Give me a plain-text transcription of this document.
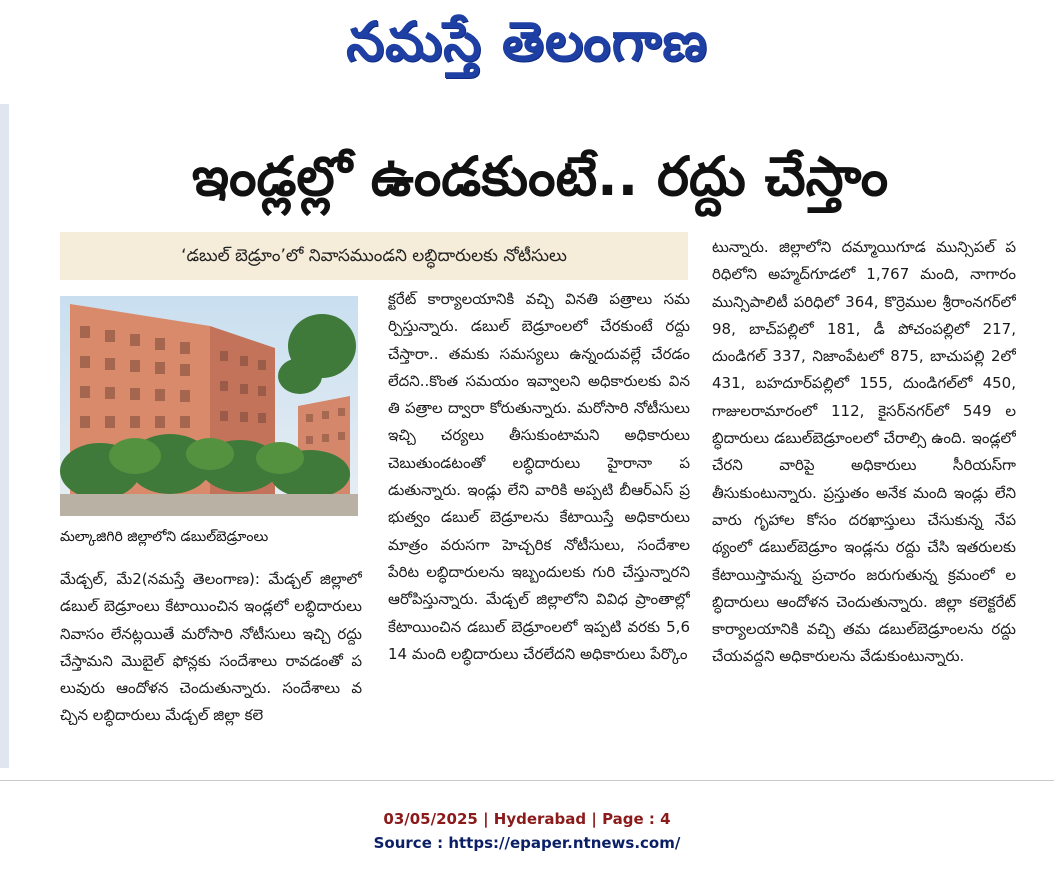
నమస్తే తెలంగాణ
ఇండ్లల్లో ఉండకుంటే.. రద్దు చేస్తాం
‘డబుల్ బెడ్రూం’లో నివాసముండని లబ్ధిదారులకు నోటీసులు
మల్కాజిగిరి జిల్లాలోని డబుల్‌బెడ్రూంలు
మేడ్చల్, మే2(నమస్తే తెలంగాణ): మేడ్చల్ జిల్లాలో డబుల్ బెడ్రూంలు కేటాయించిన ఇండ్లలో లబ్ధిదారులు నివాసం లేనట్లయితే మరోసారి నోటీసులు ఇచ్చి రద్దు చేస్తామని మొబైల్ ఫోన్లకు సందేశాలు రావడంతో పలువురు ఆందోళన చెందుతున్నారు. సందేశాలు వచ్చిన లబ్ధిదారులు మేడ్చల్ జిల్లా కలె
క్టరేట్ కార్యాలయానికి వచ్చి వినతి పత్రాలు సమర్పిస్తున్నారు. డబుల్ బెడ్రూంలలో చేరకుంటే రద్దు చేస్తారా.. తమకు సమస్యలు ఉన్నందువల్లే చేరడం లేదని..కొంత సమయం ఇవ్వాలని అధికారులకు వినతి పత్రాల ద్వారా కోరుతున్నారు. మరోసారి నోటీసులు ఇచ్చి చర్యలు తీసుకుంటామని అధికారులు చెబుతుండటంతో లబ్ధిదారులు హైరానా పడుతున్నారు. ఇండ్లు లేని వారికి అప్పటి బీఆర్ఎస్ ప్రభుత్వం డబుల్ బెడ్రూలను కేటాయిస్తే అధికారులు మాత్రం వరుసగా హెచ్చరిక నోటీసులు, సందేశాల పేరిట లబ్ధిదారులను ఇబ్బందులకు గురి చేస్తున్నారని ఆరోపిస్తున్నారు. మేడ్చల్ జిల్లాలోని వివిధ ప్రాంతాల్లో కేటాయించిన డబుల్ బెడ్రూంలలో ఇప్పటి వరకు 5,614 మంది లబ్ధిదారులు చేరలేదని అధికారులు పేర్కొం
టున్నారు. జిల్లాలోని దమ్మాయిగూడ మున్సిపల్ పరిధిలోని అహ్మద్‌గూడలో 1,767 మంది, నాగారం మున్సిపాలిటీ పరిధిలో 364, కొర్రెముల శ్రీరాంనగర్‌లో 98, బాచ్‌పల్లిలో 181, డీ పోచంపల్లిలో 217, దుండిగల్ 337, నిజాంపేటలో 875, బాచుపల్లి 2లో 431, బహదూర్‌పల్లిలో 155, దుండిగల్‌లో 450, గాజులరామారంలో 112, కైసర్‌నగర్‌లో 549 లబ్ధిదారులు డబుల్‌బెడ్రూంలలో చేరాల్సి ఉంది. ఇండ్లలో చేరని వారిపై అధికారులు సీరియస్‌గా తీసుకుంటున్నారు. ప్రస్తుతం అనేక మంది ఇండ్లు లేని వారు గృహాల కోసం దరఖాస్తులు చేసుకున్న నేపథ్యంలో డబుల్‌బెడ్రూం ఇండ్లను రద్దు చేసి ఇతరులకు కేటాయిస్తామన్న ప్రచారం జరుగుతున్న క్రమంలో లబ్ధిదారులు ఆందోళన చెందుతున్నారు. జిల్లా కలెక్టరేట్ కార్యాలయానికి వచ్చి తమ డబుల్‌బెడ్రూంలను రద్దు చేయవద్దని అధికారులను వేడుకుంటున్నారు.
03/05/2025 | Hyderabad | Page : 4
Source : https://epaper.ntnews.com/
